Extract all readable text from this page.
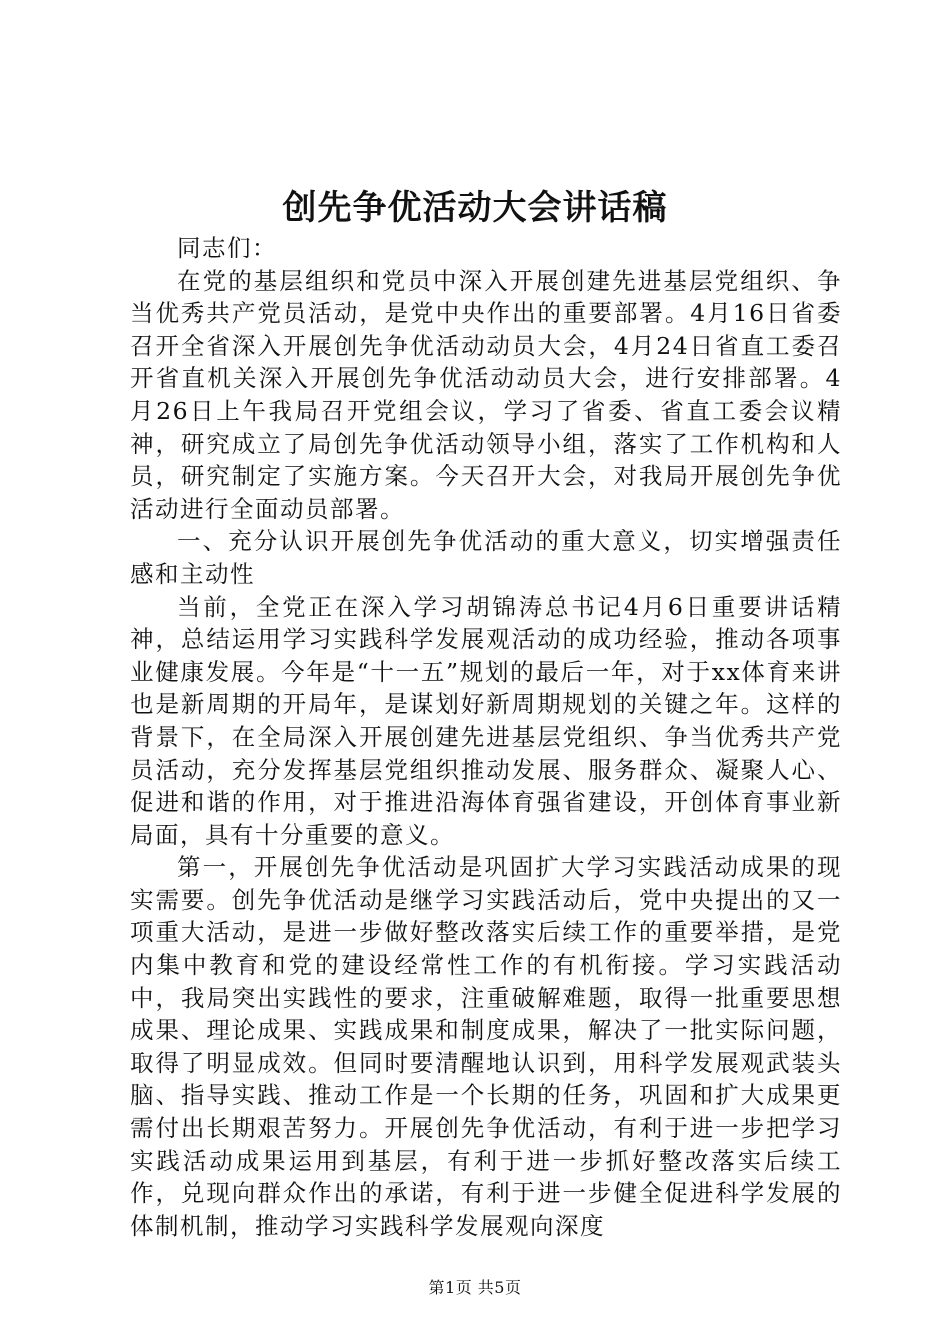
创先争优活动大会讲话稿

同志们：

在党的基层组织和党员中深入开展创建先进基层党组织、争当优秀共产党员活动，是党中央作出的重要部署。4月16日省委召开全省深入开展创先争优活动动员大会，4月24日省直工委召开省直机关深入开展创先争优活动动员大会，进行安排部署。4月26日上午我局召开党组会议，学习了省委、省直工委会议精神，研究成立了局创先争优活动领导小组，落实了工作机构和人员，研究制定了实施方案。今天召开大会，对我局开展创先争优活动进行全面动员部署。

一、充分认识开展创先争优活动的重大意义，切实增强责任感和主动性

当前，全党正在深入学习胡锦涛总书记4月6日重要讲话精神，总结运用学习实践科学发展观活动的成功经验，推动各项事业健康发展。今年是“十一五”规划的最后一年，对于xx体育来讲也是新周期的开局年，是谋划好新周期规划的关键之年。这样的背景下，在全局深入开展创建先进基层党组织、争当优秀共产党员活动，充分发挥基层党组织推动发展、服务群众、凝聚人心、促进和谐的作用，对于推进沿海体育强省建设，开创体育事业新局面，具有十分重要的意义。

第一，开展创先争优活动是巩固扩大学习实践活动成果的现实需要。创先争优活动是继学习实践活动后，党中央提出的又一项重大活动，是进一步做好整改落实后续工作的重要举措，是党内集中教育和党的建设经常性工作的有机衔接。学习实践活动中，我局突出实践性的要求，注重破解难题，取得一批重要思想成果、理论成果、实践成果和制度成果，解决了一批实际问题，取得了明显成效。但同时要清醒地认识到，用科学发展观武装头脑、指导实践、推动工作是一个长期的任务，巩固和扩大成果更需付出长期艰苦努力。开展创先争优活动，有利于进一步把学习实践活动成果运用到基层，有利于进一步抓好整改落实后续工作，兑现向群众作出的承诺，有利于进一步健全促进科学发展的体制机制，推动学习实践科学发展观向深度

第1页 共5页
